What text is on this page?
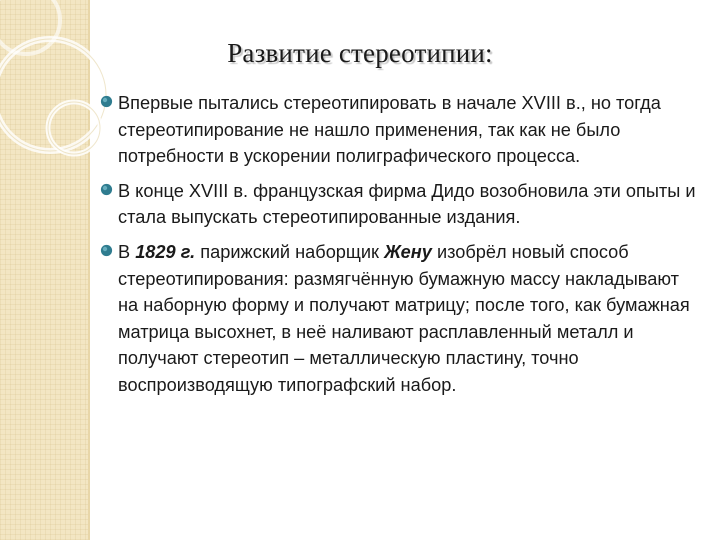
Развитие стереотипии:
Впервые пытались стереотипировать в начале XVIII в., но тогда стереотипирование не нашло применения, так как не было потребности в ускорении полиграфического процесса.
В конце XVIII в. французская фирма Дидо возобновила эти опыты и стала выпускать стереотипированные издания.
В 1829 г. парижский наборщик Жену изобрёл новый способ стереотипирования: размягчённую бумажную массу накладывают на наборную форму и получают матрицу; после того, как бумажная матрица высохнет, в неё наливают расплавленный металл и получают стереотип – металлическую пластину, точно воспроизводящую типографский набор.
